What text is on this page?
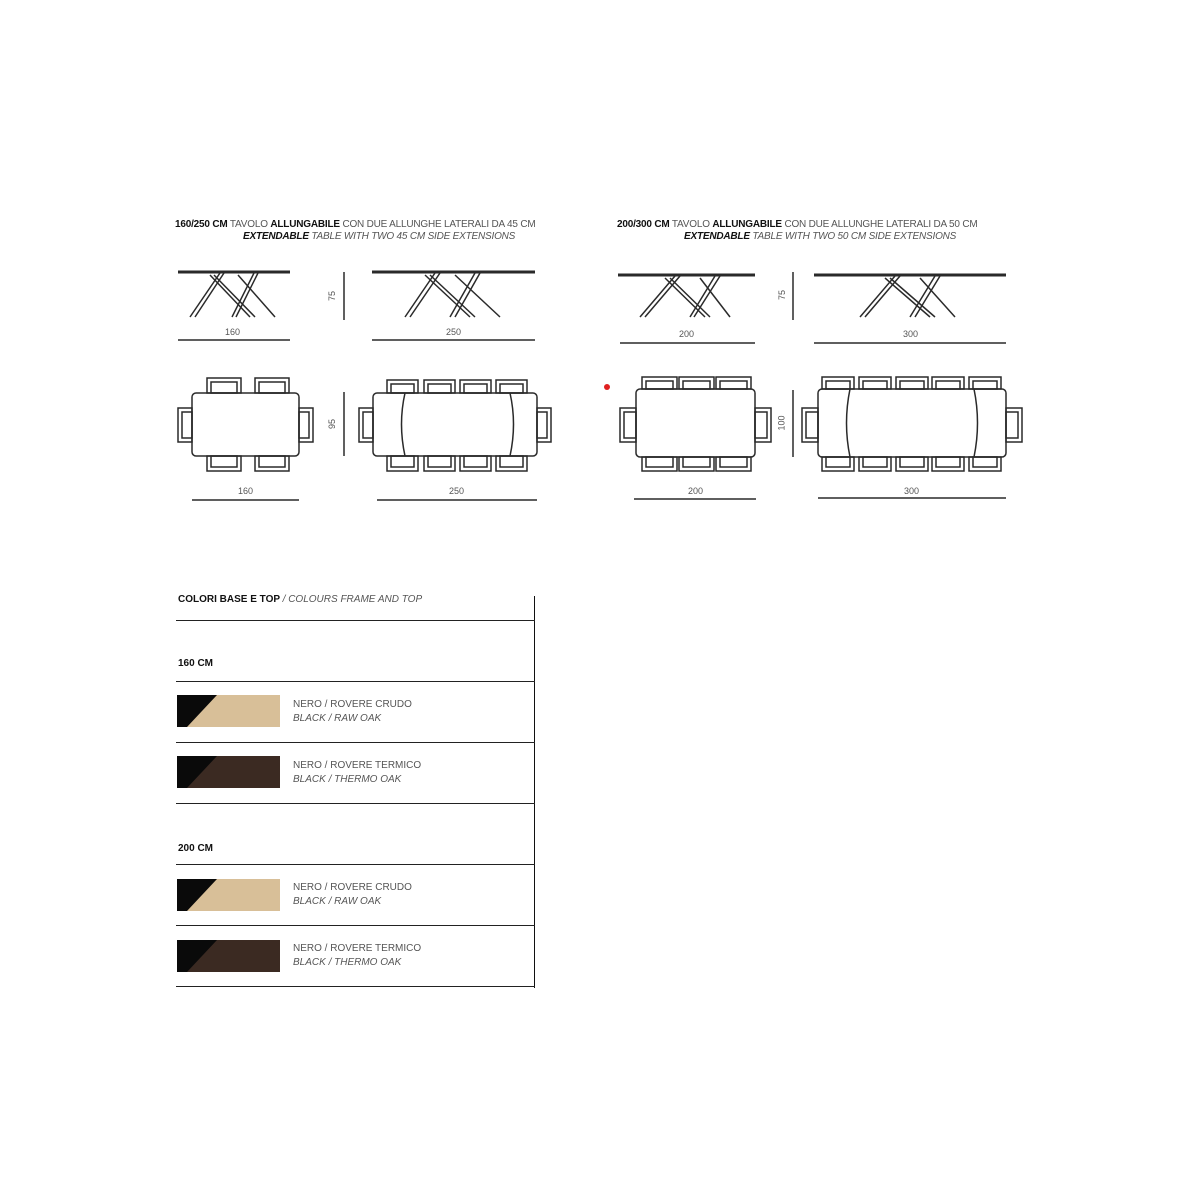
160/250 CM TAVOLO ALLUNGABILE CON DUE ALLUNGHE LATERALI DA 45 CM
EXTENDABLE TABLE WITH TWO 45 CM SIDE EXTENSIONS
200/300 CM TAVOLO ALLUNGABILE CON DUE ALLUNGHE LATERALI DA 50 CM
EXTENDABLE TABLE WITH TWO 50 CM SIDE EXTENSIONS
160	250
75
95
160	250
200	300
75
100
200	300
COLORI BASE E TOP / COLOURS FRAME AND TOP
160 CM
NERO / ROVERE CRUDO
BLACK / RAW OAK
NERO / ROVERE TERMICO
BLACK / THERMO OAK
200 CM
NERO / ROVERE CRUDO
BLACK / RAW OAK
NERO / ROVERE TERMICO
BLACK / THERMO OAK
